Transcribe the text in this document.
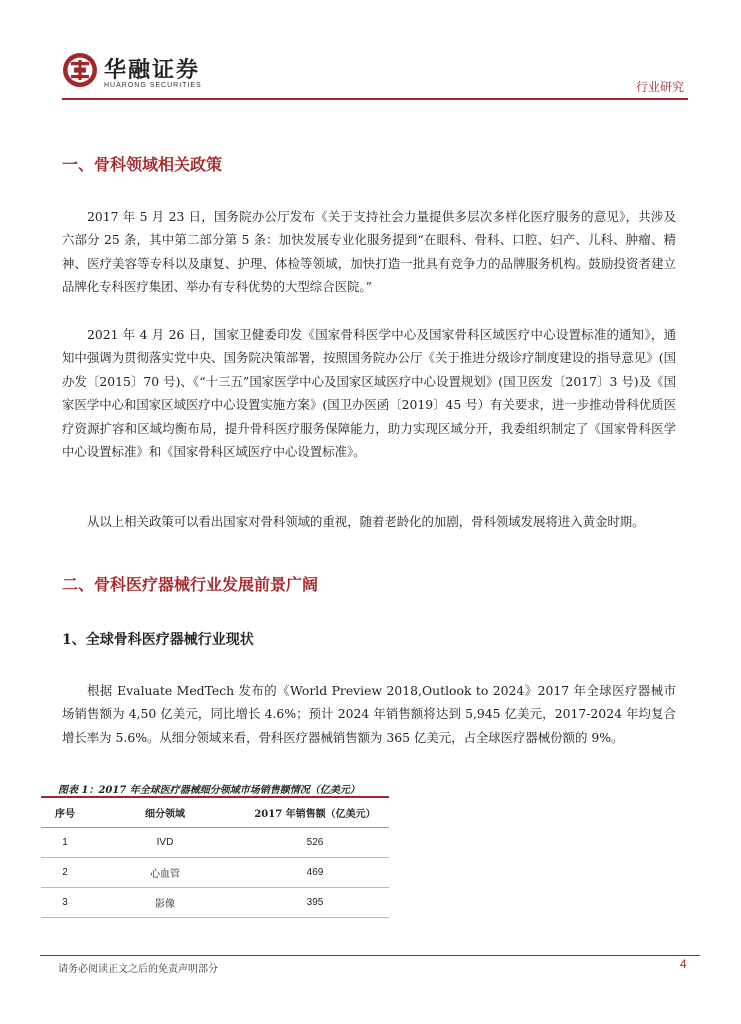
华融证券
HUARONG SECURITIES	行业研究
一、骨科领域相关政策
2017 年 5 月 23 日，国务院办公厅发布《关于支持社会力量提供多层次多样化医疗服务的意见》，共涉及六部分 25 条，其中第二部分第 5 条：加快发展专业化服务提到“在眼科、骨科、口腔、妇产、儿科、肿瘤、精神、医疗美容等专科以及康复、护理、体检等领域，加快打造一批具有竞争力的品牌服务机构。鼓励投资者建立品牌化专科医疗集团、举办有专科优势的大型综合医院。”
2021 年 4 月 26 日，国家卫健委印发《国家骨科医学中心及国家骨科区域医疗中心设置标准的通知》，通知中强调为贯彻落实党中央、国务院决策部署，按照国务院办公厅《关于推进分级诊疗制度建设的指导意见》(国办发〔2015〕70 号)、《“十三五”国家医学中心及国家区域医疗中心设置规划》(国卫医发〔2017〕3 号)及《国家医学中心和国家区域医疗中心设置实施方案》(国卫办医函〔2019〕45 号）有关要求，进一步推动骨科优质医疗资源扩容和区域均衡布局，提升骨科医疗服务保障能力，助力实现区域分开，我委组织制定了《国家骨科医学中心设置标准》和《国家骨科区域医疗中心设置标准》。
从以上相关政策可以看出国家对骨科领域的重视，随着老龄化的加剧，骨科领域发展将进入黄金时期。
二、骨科医疗器械行业发展前景广阔
1、全球骨科医疗器械行业现状
根据 Evaluate MedTech 发布的《World Preview 2018,Outlook to 2024》2017 年全球医疗器械市场销售额为 4,50 亿美元，同比增长 4.6%；预计 2024 年销售额将达到 5,945 亿美元，2017-2024 年均复合增长率为 5.6%。从细分领域来看，骨科医疗器械销售额为 365 亿美元，占全球医疗器械份额的 9%。
图表 1：2017 年全球医疗器械细分领域市场销售额情况（亿美元）
序号	细分领域	2017 年销售额（亿美元）
1	IVD	526
2	心血管	469
3	影像	395
请务必阅读正文之后的免责声明部分	4
